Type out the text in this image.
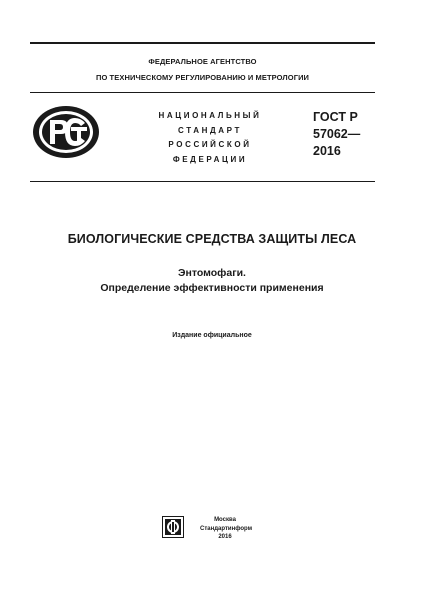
ФЕДЕРАЛЬНОЕ АГЕНТСТВО
ПО ТЕХНИЧЕСКОМУ РЕГУЛИРОВАНИЮ И МЕТРОЛОГИИ
НАЦИОНАЛЬНЫЙ
СТАНДАРТ
РОССИЙСКОЙ
ФЕДЕРАЦИИ
ГОСТ Р
57062—
2016
БИОЛОГИЧЕСКИЕ СРЕДСТВА ЗАЩИТЫ ЛЕСА
Энтомофаги.
Определение эффективности применения
Издание официальное
Москва
Стандартинформ
2016
